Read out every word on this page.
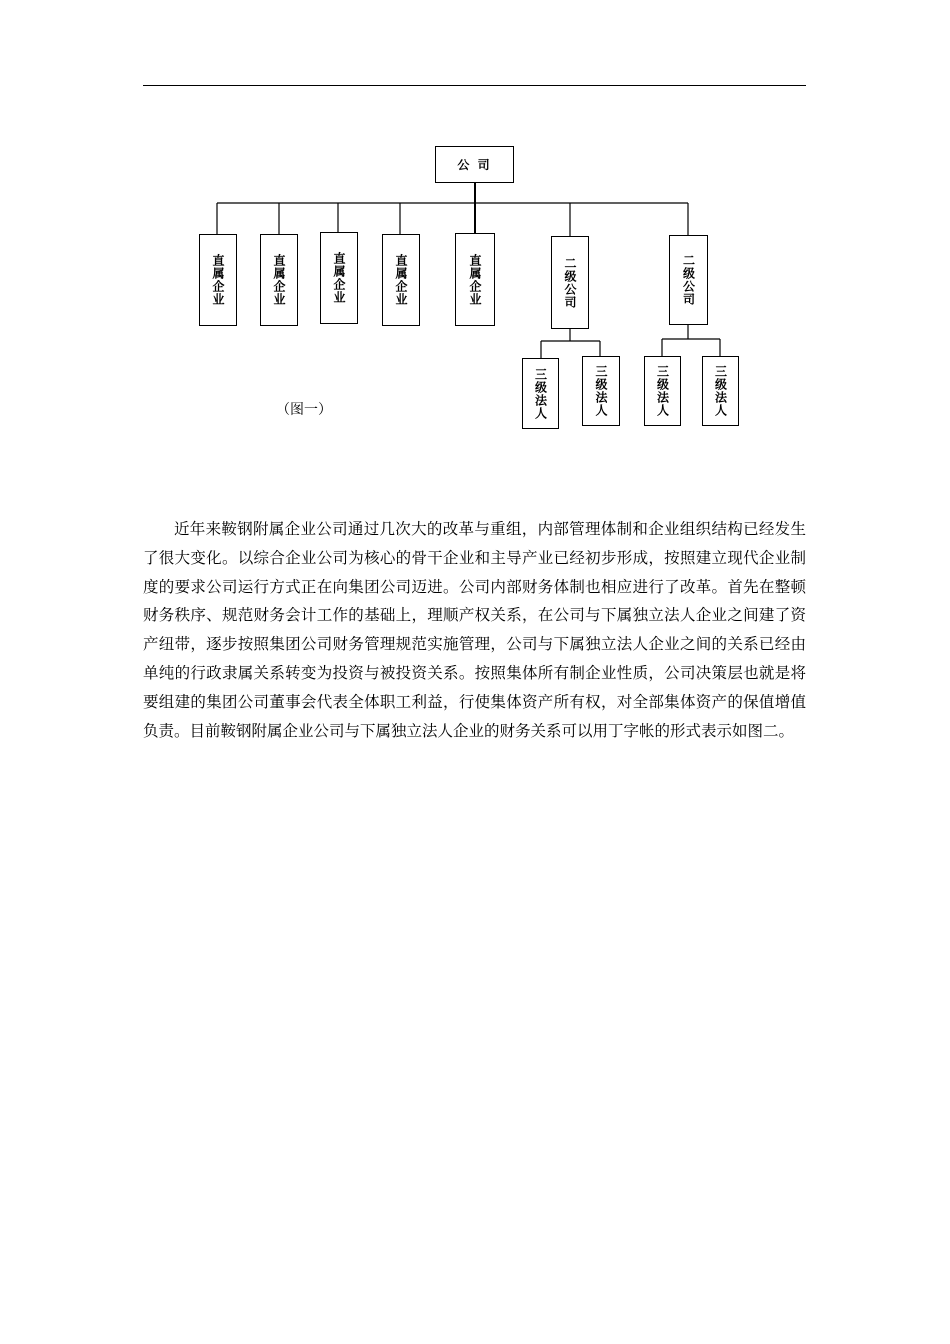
公 司
直属企业	直属企业	直属企业	直属企业	直属企业	二级公司	二级公司
三级法人	三级法人	三级法人	三级法人
（图一）

近年来鞍钢附属企业公司通过几次大的改革与重组，内部管理体制和企业组织结构已经发生了很大变化。以综合企业公司为核心的骨干企业和主导产业已经初步形成，按照建立现代企业制度的要求公司运行方式正在向集团公司迈进。公司内部财务体制也相应进行了改革。首先在整顿财务秩序、规范财务会计工作的基础上，理顺产权关系，在公司与下属独立法人企业之间建了资产纽带，逐步按照集团公司财务管理规范实施管理，公司与下属独立法人企业之间的关系已经由单纯的行政隶属关系转变为投资与被投资关系。按照集体所有制企业性质，公司决策层也就是将要组建的集团公司董事会代表全体职工利益，行使集体资产所有权，对全部集体资产的保值增值负责。目前鞍钢附属企业公司与下属独立法人企业的财务关系可以用丁字帐的形式表示如图二。
